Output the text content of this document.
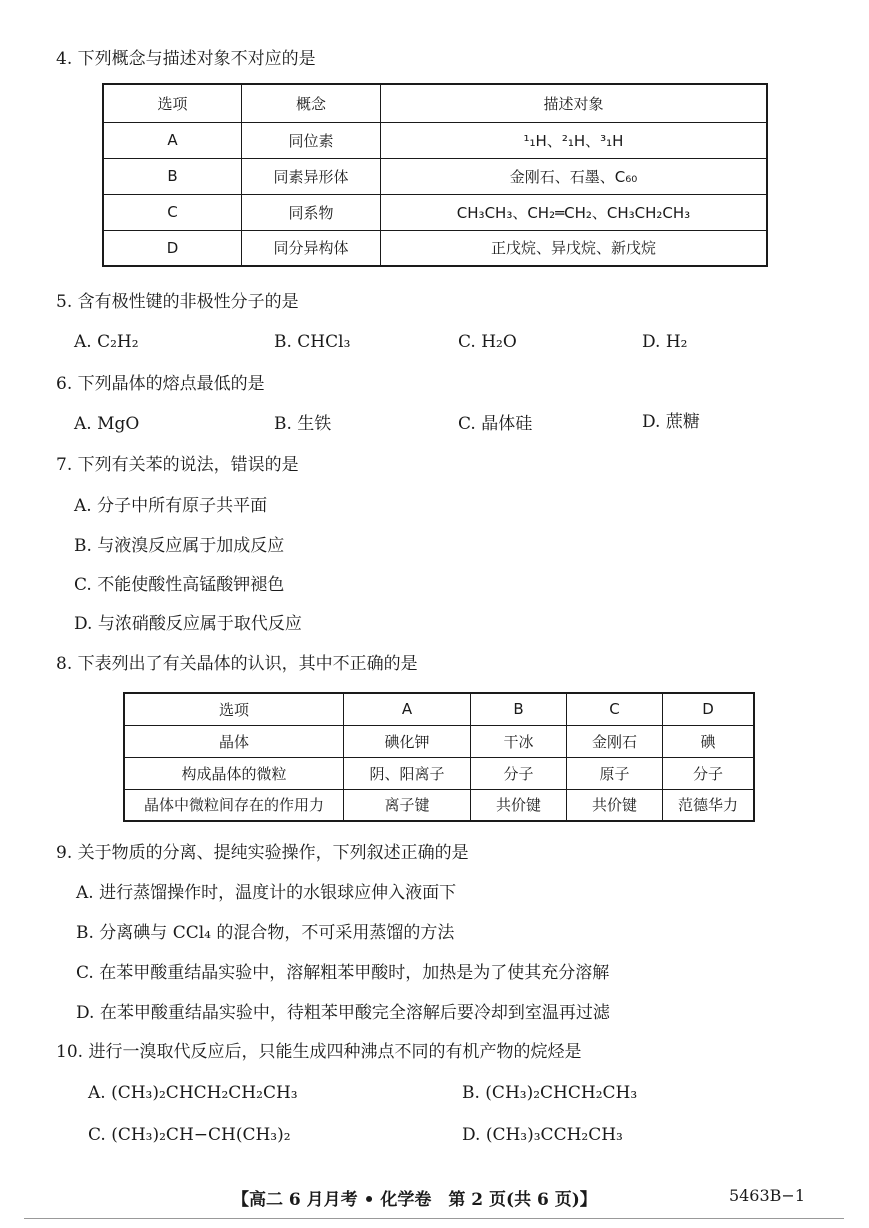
4. 下列概念与描述对象不对应的是
选项	概念	描述对象
A	同位素	¹₁H、²₁H、³₁H
B	同素异形体	金刚石、石墨、C₆₀
C	同系物	CH₃CH₃、CH₂═CH₂、CH₃CH₂CH₃
D	同分异构体	正戊烷、异戊烷、新戊烷
5. 含有极性键的非极性分子的是
A. C₂H₂	B. CHCl₃	C. H₂O	D. H₂
6. 下列晶体的熔点最低的是
A. MgO	B. 生铁	C. 晶体硅	D. 蔗糖
7. 下列有关苯的说法，错误的是
A. 分子中所有原子共平面
B. 与液溴反应属于加成反应
C. 不能使酸性高锰酸钾褪色
D. 与浓硝酸反应属于取代反应
8. 下表列出了有关晶体的认识，其中不正确的是
选项	A	B	C	D
晶体	碘化钾	干冰	金刚石	碘
构成晶体的微粒	阴、阳离子	分子	原子	分子
晶体中微粒间存在的作用力	离子键	共价键	共价键	范德华力
9. 关于物质的分离、提纯实验操作，下列叙述正确的是
A. 进行蒸馏操作时，温度计的水银球应伸入液面下
B. 分离碘与 CCl₄ 的混合物，不可采用蒸馏的方法
C. 在苯甲酸重结晶实验中，溶解粗苯甲酸时，加热是为了使其充分溶解
D. 在苯甲酸重结晶实验中，待粗苯甲酸完全溶解后要冷却到室温再过滤
10. 进行一溴取代反应后，只能生成四种沸点不同的有机产物的烷烃是
A. (CH₃)₂CHCH₂CH₂CH₃	B. (CH₃)₂CHCH₂CH₃
C. (CH₃)₂CH−CH(CH₃)₂	D. (CH₃)₃CCH₂CH₃
【高二 6 月月考 • 化学卷　第 2 页(共 6 页)】	5463B−1
